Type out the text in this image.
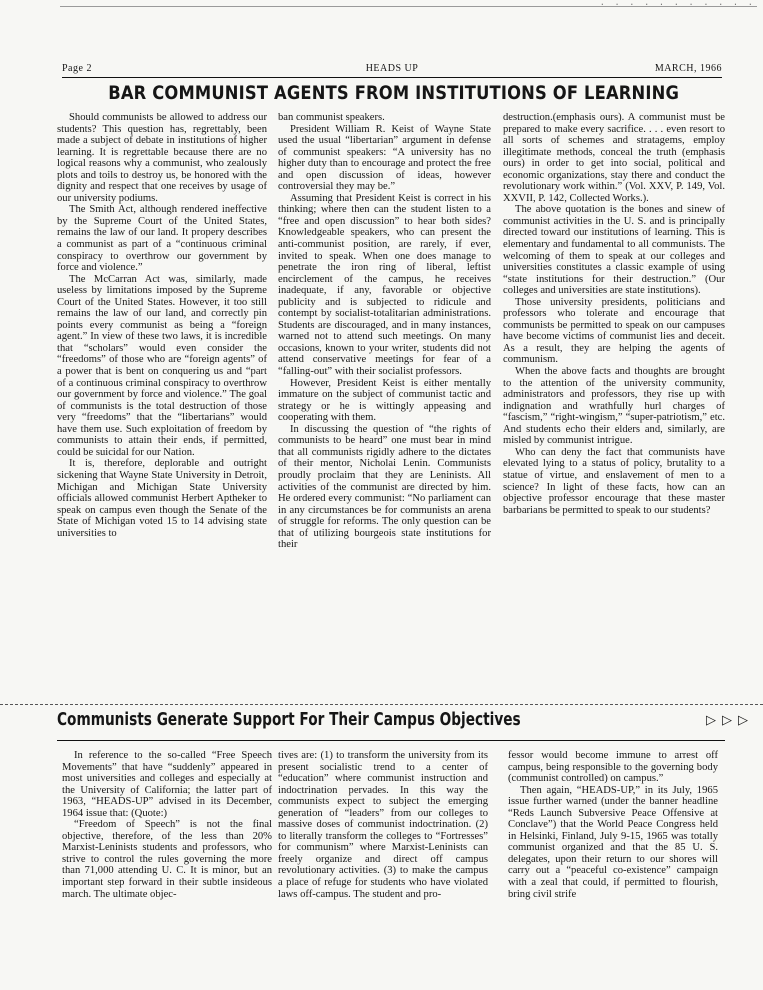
· · · · · · · · · · ·
Page 2	HEADS UP	MARCH, 1966
BAR COMMUNIST AGENTS FROM INSTITUTIONS OF LEARNING

Should communists be allowed to address our students? This question has, regrettably, been made a subject of debate in institutions of higher learning. It is regrettable because there are no logical reasons why a communist, who zealously plots and toils to destroy us, be honored with the dignity and respect that one receives by usage of our university podiums.

The Smith Act, although rendered ineffective by the Supreme Court of the United States, remains the law of our land. It propery describes a communist as part of a “continuous criminal conspiracy to overthrow our government by force and violence.”

The McCarran Act was, similarly, made useless by limitations imposed by the Supreme Court of the United States. However, it too still remains the law of our land, and correctly pin points every communist as being a “foreign agent.” In view of these two laws, it is incredible that “scholars” would even consider the “freedoms” of those who are “foreign agents” of a power that is bent on conquering us and “part of a continuous criminal conspiracy to overthrow our government by force and violence.” The goal of communists is the total destruction of those very “freedoms” that the “libertarians” would have them use. Such exploitation of freedom by communists to attain their ends, if permitted, could be suicidal for our Nation.

It is, therefore, deplorable and outright sickening that Wayne State University in Detroit, Michigan and Michigan State University officials allowed communist Herbert Aptheker to speak on campus even though the Senate of the State of Michigan voted 15 to 14 advising state universities to

ban communist speakers.

President William R. Keist of Wayne State used the usual “libertarian” argument in defense of communist speakers: “A university has no higher duty than to encourage and protect the free and open discussion of ideas, however controversial they may be.”

Assuming that President Keist is correct in his thinking; where then can the student listen to a “free and open discussion” to hear both sides? Knowledgeable speakers, who can present the anti-communist position, are rarely, if ever, invited to speak. When one does manage to penetrate the iron ring of liberal, leftist encirclement of the campus, he receives inadequate, if any, favorable or objective publicity and is subjected to ridicule and contempt by socialist-totalitarian administrations. Students are discouraged, and in many instances, warned not to attend such meetings. On many occasions, known to your writer, students did not attend conservative meetings for fear of a “falling-out” with their socialist professors.

However, President Keist is either mentally immature on the subject of communist tactic and strategy or he is wittingly appeasing and cooperating with them.

In discussing the question of “the rights of communists to be heard” one must bear in mind that all communists rigidly adhere to the dictates of their mentor, Nicholai Lenin. Communists proudly proclaim that they are Leninists. All activities of the communist are directed by him. He ordered every communist: “No parliament can in any circumstances be for communists an arena of struggle for reforms. The only question can be that of utilizing bourgeois state institutions for their

destruction.(emphasis ours). A communist must be prepared to make every sacrifice. . . . even resort to all sorts of schemes and stratagems, employ illegitimate methods, conceal the truth (emphasis ours) in order to get into social, political and economic organizations, stay there and conduct the revolutionary work within.” (Vol. XXV, P. 149, Vol. XXVII, P. 142, Collected Works.).

The above quotation is the bones and sinew of communist activities in the U. S. and is principally directed toward our institutions of learning. This is elementary and fundamental to all communists. The welcoming of them to speak at our colleges and universities constitutes a classic example of using “state institutions for their destruction.” (Our colleges and universities are state institutions).

Those university presidents, politicians and professors who tolerate and encourage that communists be permitted to speak on our campuses have become victims of communist lies and deceit. As a result, they are helping the agents of communism.

When the above facts and thoughts are brought to the attention of the university community, administrators and professors, they rise up with indignation and wrathfully hurl charges of “fascism,” “right-wingism,” “super-patriotism,” etc. And students echo their elders and, similarly, are misled by communist intrigue.

Who can deny the fact that communists have elevated lying to a status of policy, brutality to a statue of virtue, and enslavement of men to a science? In light of these facts, how can an objective professor encourage that these master barbarians be permitted to speak to our students?

Communists Generate Support For Their Campus Objectives	▷ ▷ ▷

In reference to the so-called “Free Speech Movements” that have “suddenly” appeared in most universities and colleges and especially at the University of California; the latter part of 1963, “HEADS-UP” advised in its December, 1964 issue that: (Quote:)

“Freedom of Speech” is not the final objective, therefore, of the less than 20% Marxist-Leninists students and professors, who strive to control the rules governing the more than 71,000 attending U. C. It is minor, but an important step forward in their subtle insideous march. The ultimate objec-

tives are: (1) to transform the university from its present socialistic trend to a center of “education” where communist instruction and indoctrination pervades. In this way the communists expect to subject the emerging generation of “leaders” from our colleges to massive doses of communist indoctrination. (2) to literally transform the colleges to “Fortresses” for communism” where Marxist-Leninists can freely organize and direct off campus revolutionary activities. (3) to make the campus a place of refuge for students who have violated laws off-campus. The student and pro-

fessor would become immune to arrest off campus, being responsible to the governing body (communist controlled) on campus.”

Then again, “HEADS-UP,” in its July, 1965 issue further warned (under the banner headline “Reds Launch Subversive Peace Offensive at Conclave”) that the World Peace Congress held in Helsinki, Finland, July 9-15, 1965 was totally communist organized and that the 85 U. S. delegates, upon their return to our shores will carry out a “peaceful co-existence” campaign with a zeal that could, if permitted to flourish, bring civil strife
